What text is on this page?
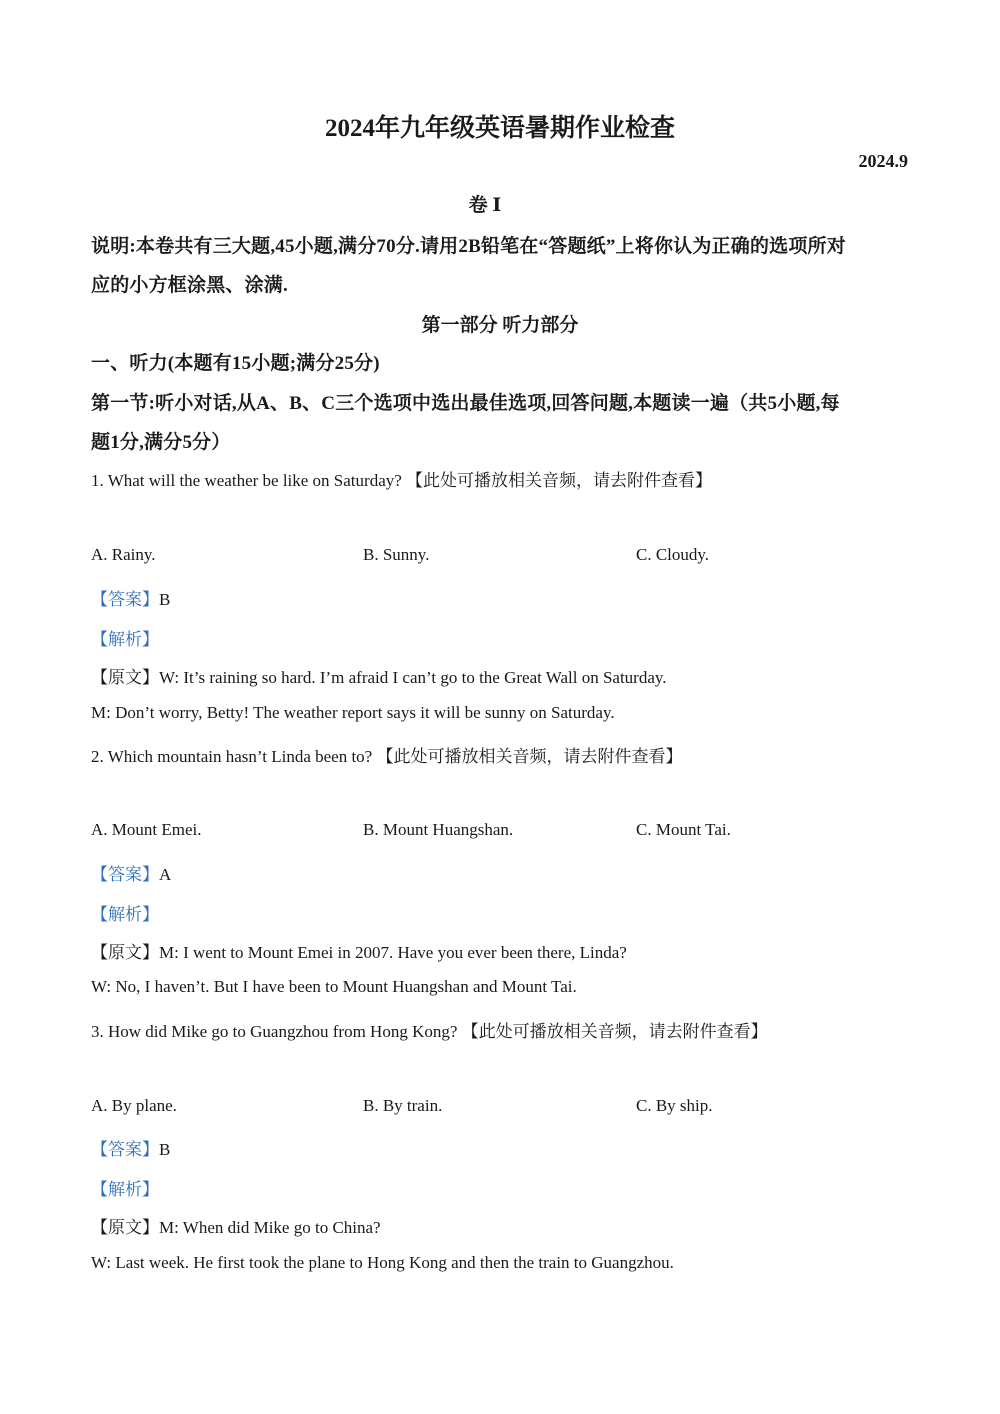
2024年九年级英语暑期作业检查
2024.9
卷 Ⅰ
说明:本卷共有三大题,45小题,满分70分.请用2B铅笔在“答题纸”上将你认为正确的选项所对
应的小方框涂黑、涂满.
第一部分 听力部分
一、听力(本题有15小题;满分25分)
第一节:听小对话,从A、B、C三个选项中选出最佳选项,回答问题,本题读一遍（共5小题,每
题1分,满分5分）
1. What will the weather be like on Saturday? 【此处可播放相关音频，请去附件查看】
A. Rainy.	B. Sunny.	C. Cloudy.
【答案】B
【解析】
【原文】W: It’s raining so hard. I’m afraid I can’t go to the Great Wall on Saturday.
M: Don’t worry, Betty! The weather report says it will be sunny on Saturday.
2. Which mountain hasn’t Linda been to? 【此处可播放相关音频，请去附件查看】
A. Mount Emei.	B. Mount Huangshan.	C. Mount Tai.
【答案】A
【解析】
【原文】M: I went to Mount Emei in 2007. Have you ever been there, Linda?
W: No, I haven’t. But I have been to Mount Huangshan and Mount Tai.
3. How did Mike go to Guangzhou from Hong Kong? 【此处可播放相关音频，请去附件查看】
A. By plane.	B. By train.	C. By ship.
【答案】B
【解析】
【原文】M: When did Mike go to China?
W: Last week. He first took the plane to Hong Kong and then the train to Guangzhou.
